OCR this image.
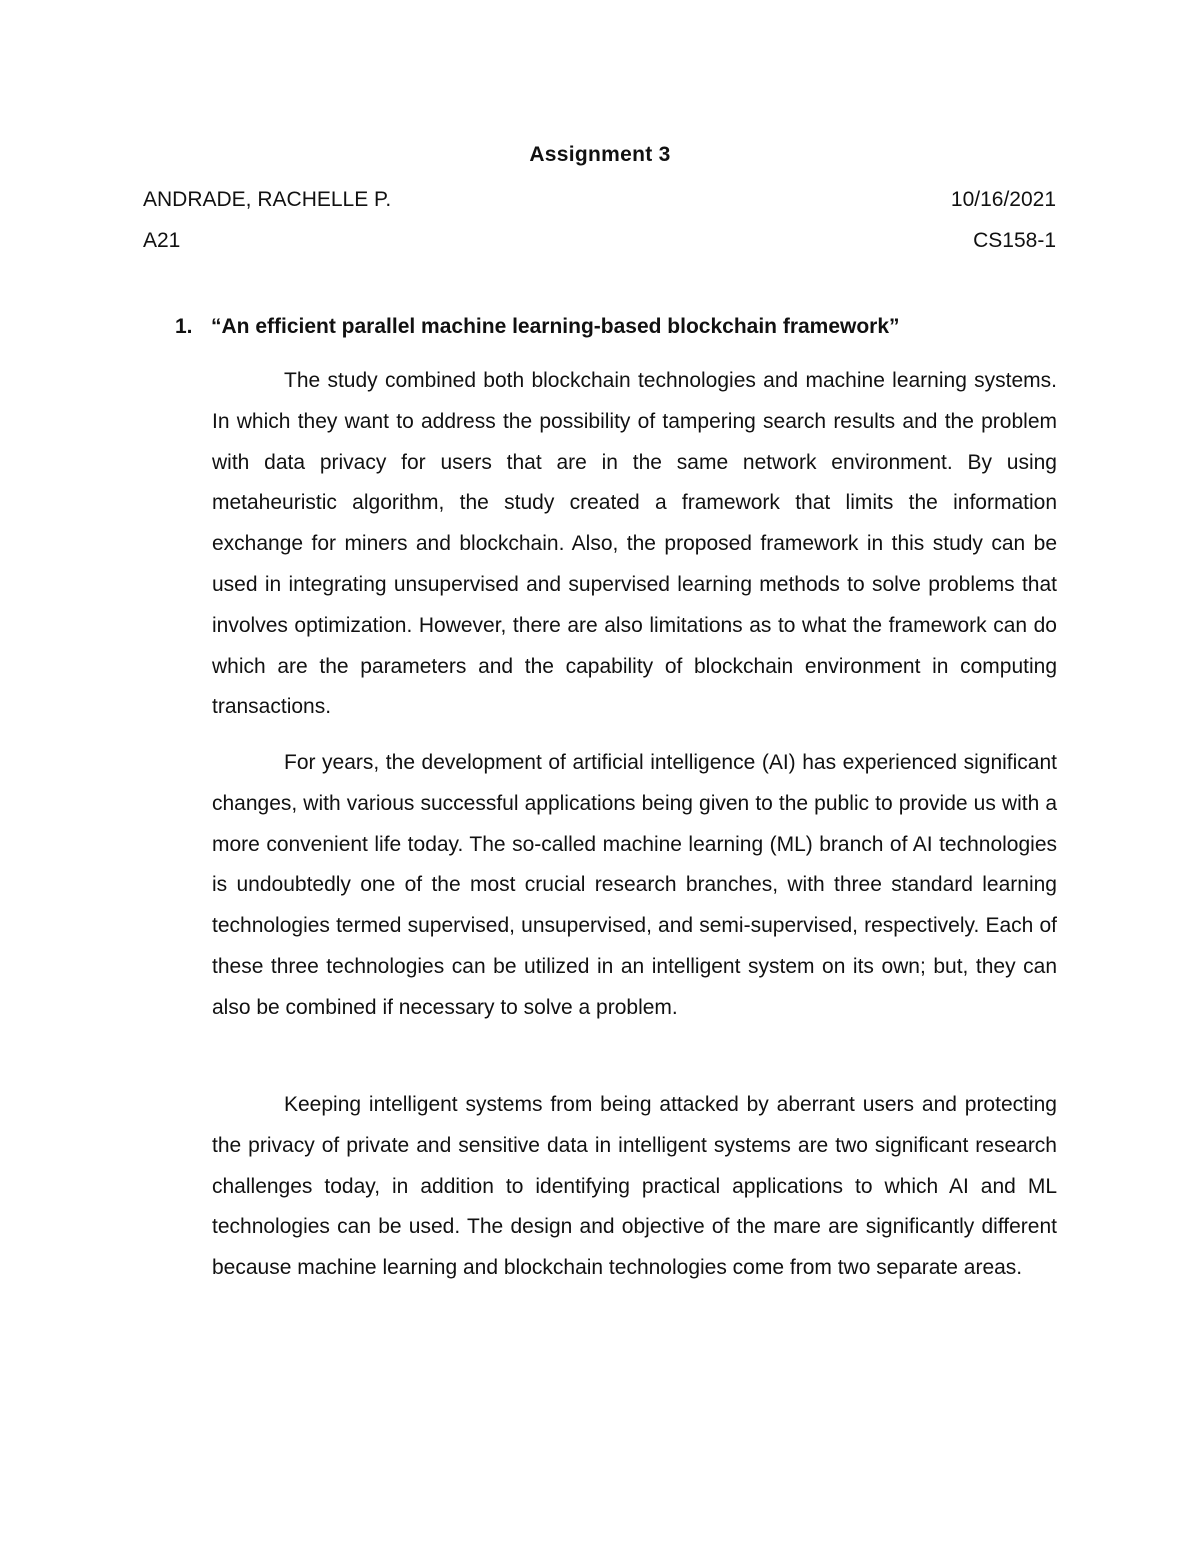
Assignment 3
ANDRADE, RACHELLE P.	10/16/2021
A21	CS158-1
1. “An efficient parallel machine learning-based blockchain framework”

The study combined both blockchain technologies and machine learning systems. In which they want to address the possibility of tampering search results and the problem with data privacy for users that are in the same network environment. By using metaheuristic algorithm, the study created a framework that limits the information exchange for miners and blockchain. Also, the proposed framework in this study can be used in integrating unsupervised and supervised learning methods to solve problems that involves optimization. However, there are also limitations as to what the framework can do which are the parameters and the capability of blockchain environment in computing transactions.

For years, the development of artificial intelligence (AI) has experienced significant changes, with various successful applications being given to the public to provide us with a more convenient life today. The so-called machine learning (ML) branch of AI technologies is undoubtedly one of the most crucial research branches, with three standard learning technologies termed supervised, unsupervised, and semi-supervised, respectively. Each of these three technologies can be utilized in an intelligent system on its own; but, they can also be combined if necessary to solve a problem.

Keeping intelligent systems from being attacked by aberrant users and protecting the privacy of private and sensitive data in intelligent systems are two significant research challenges today, in addition to identifying practical applications to which AI and ML technologies can be used. The design and objective of the mare are significantly different because machine learning and blockchain technologies come from two separate areas.
